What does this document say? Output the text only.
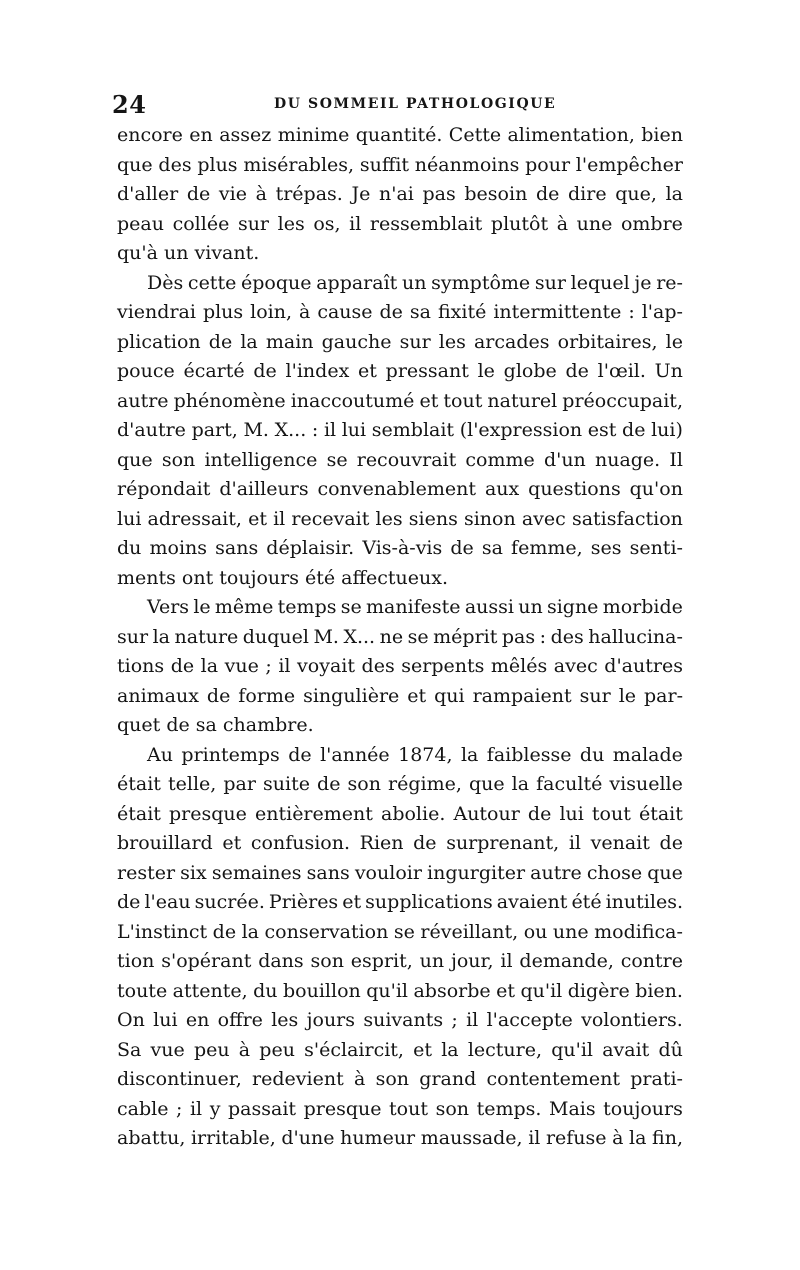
24	DU SOMMEIL PATHOLOGIQUE
encore en assez minime quantité. Cette alimentation, bien
que des plus misérables, suffit néanmoins pour l'empêcher
d'aller de vie à trépas. Je n'ai pas besoin de dire que, la
peau collée sur les os, il ressemblait plutôt à une ombre
qu'à un vivant.
Dès cette époque apparaît un symptôme sur lequel je re-
viendrai plus loin, à cause de sa fixité intermittente : l'ap-
plication de la main gauche sur les arcades orbitaires, le
pouce écarté de l'index et pressant le globe de l'œil. Un
autre phénomène inaccoutumé et tout naturel préoccupait,
d'autre part, M. X... : il lui semblait (l'expression est de lui)
que son intelligence se recouvrait comme d'un nuage. Il
répondait d'ailleurs convenablement aux questions qu'on
lui adressait, et il recevait les siens sinon avec satisfaction
du moins sans déplaisir. Vis-à-vis de sa femme, ses senti-
ments ont toujours été affectueux.
Vers le même temps se manifeste aussi un signe morbide
sur la nature duquel M. X... ne se méprit pas : des hallucina-
tions de la vue ; il voyait des serpents mêlés avec d'autres
animaux de forme singulière et qui rampaient sur le par-
quet de sa chambre.
Au printemps de l'année 1874, la faiblesse du malade
était telle, par suite de son régime, que la faculté visuelle
était presque entièrement abolie. Autour de lui tout était
brouillard et confusion. Rien de surprenant, il venait de
rester six semaines sans vouloir ingurgiter autre chose que
de l'eau sucrée. Prières et supplications avaient été inutiles.
L'instinct de la conservation se réveillant, ou une modifica-
tion s'opérant dans son esprit, un jour, il demande, contre
toute attente, du bouillon qu'il absorbe et qu'il digère bien.
On lui en offre les jours suivants ; il l'accepte volontiers.
Sa vue peu à peu s'éclaircit, et la lecture, qu'il avait dû
discontinuer, redevient à son grand contentement prati-
cable ; il y passait presque tout son temps. Mais toujours
abattu, irritable, d'une humeur maussade, il refuse à la fin,
